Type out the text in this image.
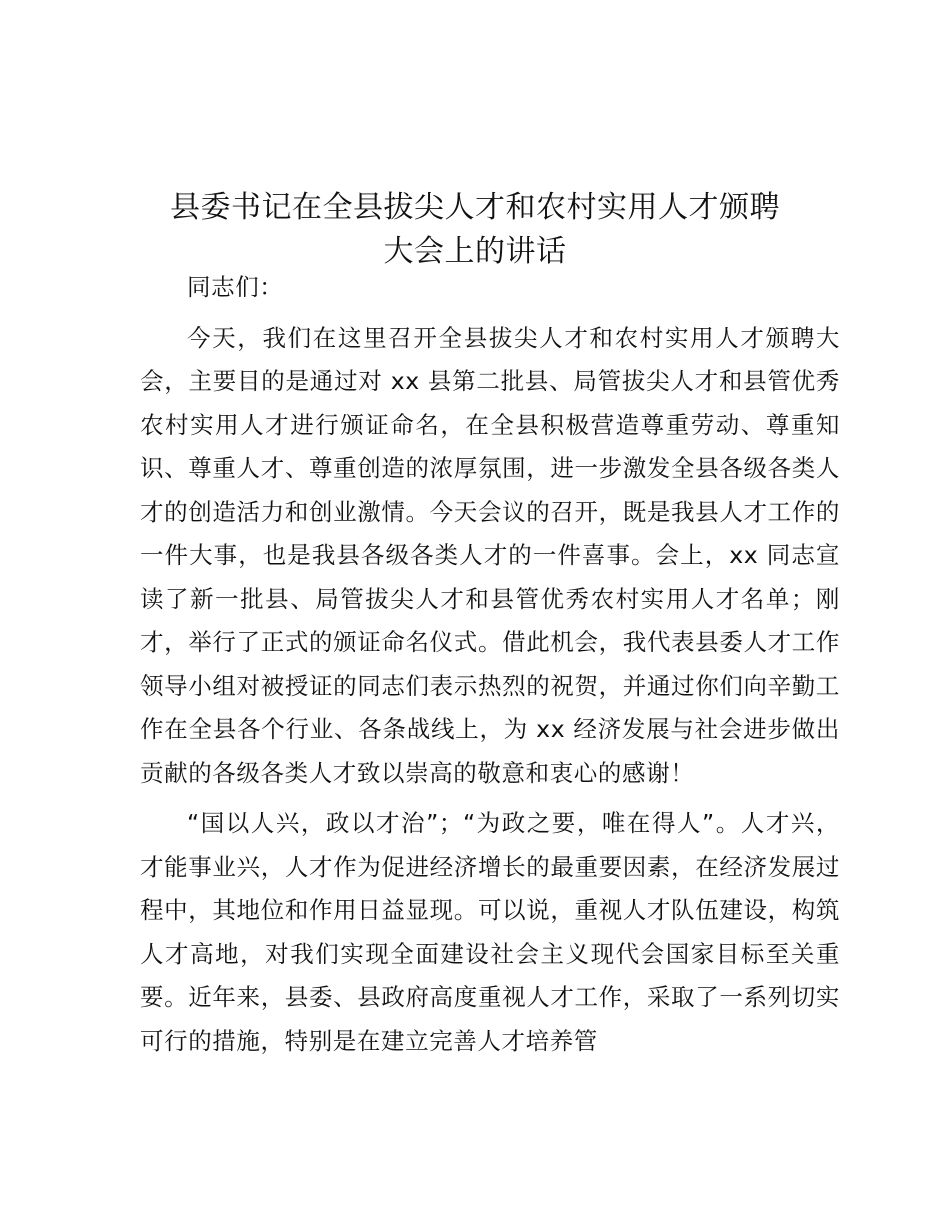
县委书记在全县拔尖人才和农村实用人才颁聘
大会上的讲话

同志们：

今天，我们在这里召开全县拔尖人才和农村实用人才颁聘大会，主要目的是通过对 xx 县第二批县、局管拔尖人才和县管优秀农村实用人才进行颁证命名，在全县积极营造尊重劳动、尊重知识、尊重人才、尊重创造的浓厚氛围，进一步激发全县各级各类人才的创造活力和创业激情。今天会议的召开，既是我县人才工作的一件大事，也是我县各级各类人才的一件喜事。会上，xx 同志宣读了新一批县、局管拔尖人才和县管优秀农村实用人才名单；刚才，举行了正式的颁证命名仪式。借此机会，我代表县委人才工作领导小组对被授证的同志们表示热烈的祝贺，并通过你们向辛勤工作在全县各个行业、各条战线上，为 xx 经济发展与社会进步做出贡献的各级各类人才致以崇高的敬意和衷心的感谢！

“国以人兴，政以才治”；“为政之要，唯在得人”。人才兴，才能事业兴，人才作为促进经济增长的最重要因素，在经济发展过程中，其地位和作用日益显现。可以说，重视人才队伍建设，构筑人才高地，对我们实现全面建设社会主义现代会国家目标至关重要。近年来，县委、县政府高度重视人才工作，采取了一系列切实可行的措施，特别是在建立完善人才培养管
